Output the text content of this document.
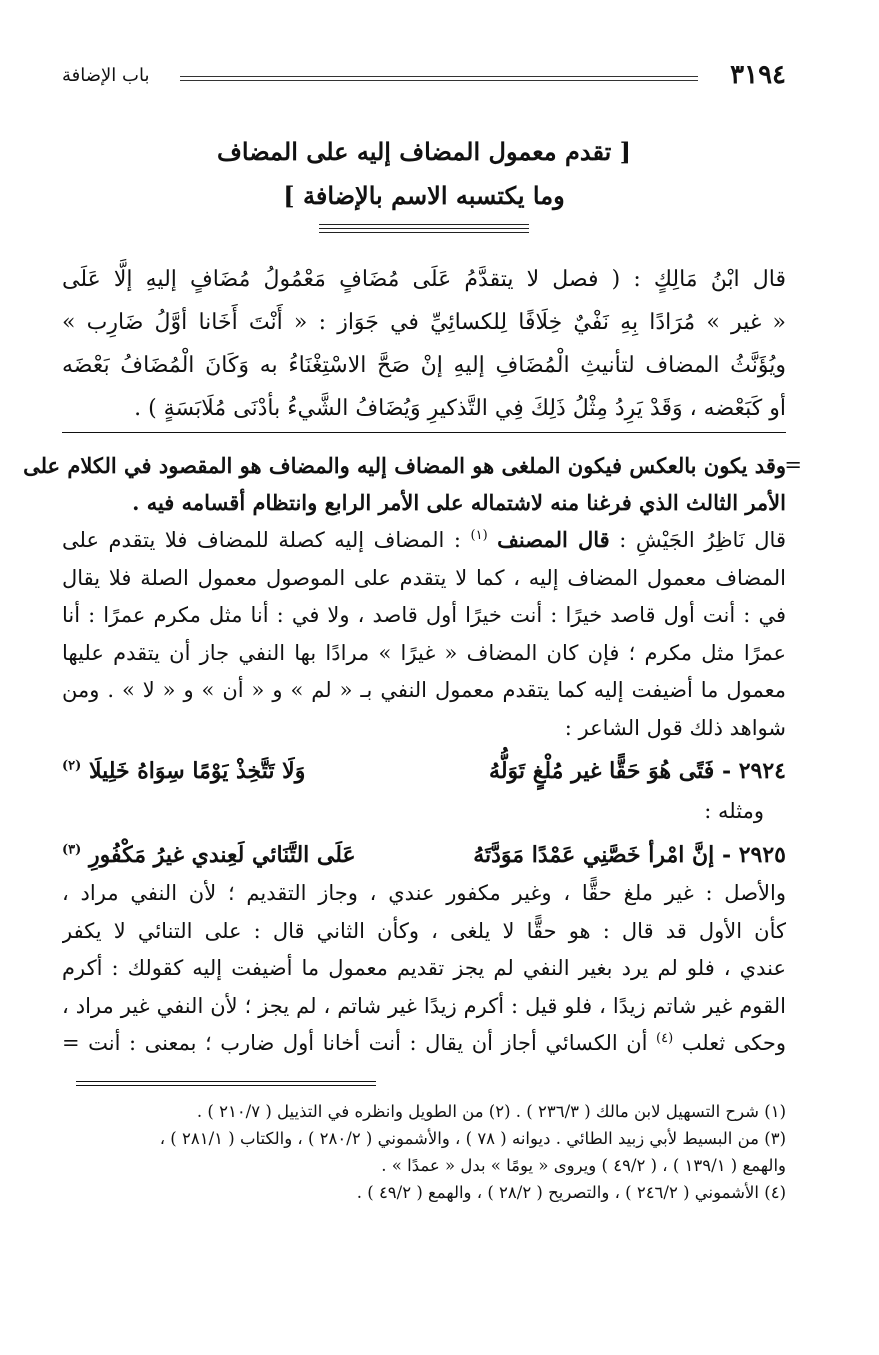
٣١٩٤
باب الإضافة
[ تقدم معمول المضاف إليه على المضاف
وما يكتسبه الاسم بالإضافة ]
قال ابْنُ مَالِكٍ : ( فصل لا يتقدَّمُ عَلَى مُضَافٍ مَعْمُولُ مُضَافٍ إليهِ إلَّا عَلَى
« غير » مُرَادًا بِهِ نَفْيٌ خِلَافًا لِلكسائِيِّ في جَوَاز : « أَنْتَ أَخَانا أوَّلُ ضَارِب »
ويُؤَنَّثُ المضاف لتأنيثِ الْمُضَافِ إليهِ إنْ صَحَّ الاسْتِغْنَاءُ به وَكَانَ الْمُضَافُ بَعْضَه
أو كَبَعْضه ، وَقَدْ يَرِدُ مِثْلُ ذَلِكَ فِي التَّذكيرِ وَيُضَافُ الشَّيءُ بأدْنَى مُلَابَسَةٍ ) .
=
وقد يكون بالعكس فيكون الملغى هو المضاف إليه والمضاف هو المقصود في الكلام على
الأمر الثالث الذي فرغنا منه لاشتماله على الأمر الرابع وانتظام أقسامه فيه .
قال نَاظِرُ الجَيْشِ : قال المصنف $^{(١)}$ : المضاف إليه كصلة للمضاف فلا يتقدم على
المضاف معمول المضاف إليه ، كما لا يتقدم على الموصول معمول الصلة فلا يقال
في : أنت أول قاصد خيرًا : أنت خيرًا أول قاصد ، ولا في : أنا مثل مكرم عمرًا : أنا
عمرًا مثل مكرم ؛ فإن كان المضاف « غيرًا » مرادًا بها النفي جاز أن يتقدم عليها
معمول ما أضيفت إليه كما يتقدم معمول النفي بـ « لم » و « أن » و « لا » . ومن
شواهد ذلك قول الشاعر :
٢٩٢٤ - فَتًى هُوَ حَقًّا غير مُلْغٍ تَوَلُّهُ
وَلَا تَتَّخِذْ يَوْمًا سِوَاهُ خَلِيلَا $^{(٢)}$
ومثله :
٢٩٢٥ - إنَّ امْرأ خَصَّنِي عَمْدًا مَوَدَّتَهُ
عَلَى التَّنَائي لَعِندي غيرُ مَكْفُورِ $^{(٣)}$
والأصل : غير ملغ حقًّا ، وغير مكفور عندي ، وجاز التقديم ؛ لأن النفي مراد ،
كأن الأول قد قال : هو حقًّا لا يلغى ، وكأن الثاني قال : على التنائي لا يكفر
عندي ، فلو لم يرد بغير النفي لم يجز تقديم معمول ما أضيفت إليه كقولك : أكرم
القوم غير شاتم زيدًا ، فلو قيل : أكرم زيدًا غير شاتم ، لم يجز ؛ لأن النفي غير مراد ،
وحكى ثعلب $^{(٤)}$ أن الكسائي أجاز أن يقال : أنت أخانا أول ضارب ؛ بمعنى : أنت =
(١) شرح التسهيل لابن مالك ( ٢٣٦/٣ ) . (٢) من الطويل وانظره في التذييل ( ٢١٠/٧ ) .
(٣) من البسيط لأبي زبيد الطائي . ديوانه ( ٧٨ ) ، والأشموني ( ٢٨٠/٢ ) ، والكتاب ( ٢٨١/١ ) ،
والهمع ( ١٣٩/١ ) ، ( ٤٩/٢ ) ويروى « يومًا » بدل « عمدًا » .
(٤) الأشموني ( ٢٤٦/٢ ) ، والتصريح ( ٢٨/٢ ) ، والهمع ( ٤٩/٢ ) .
